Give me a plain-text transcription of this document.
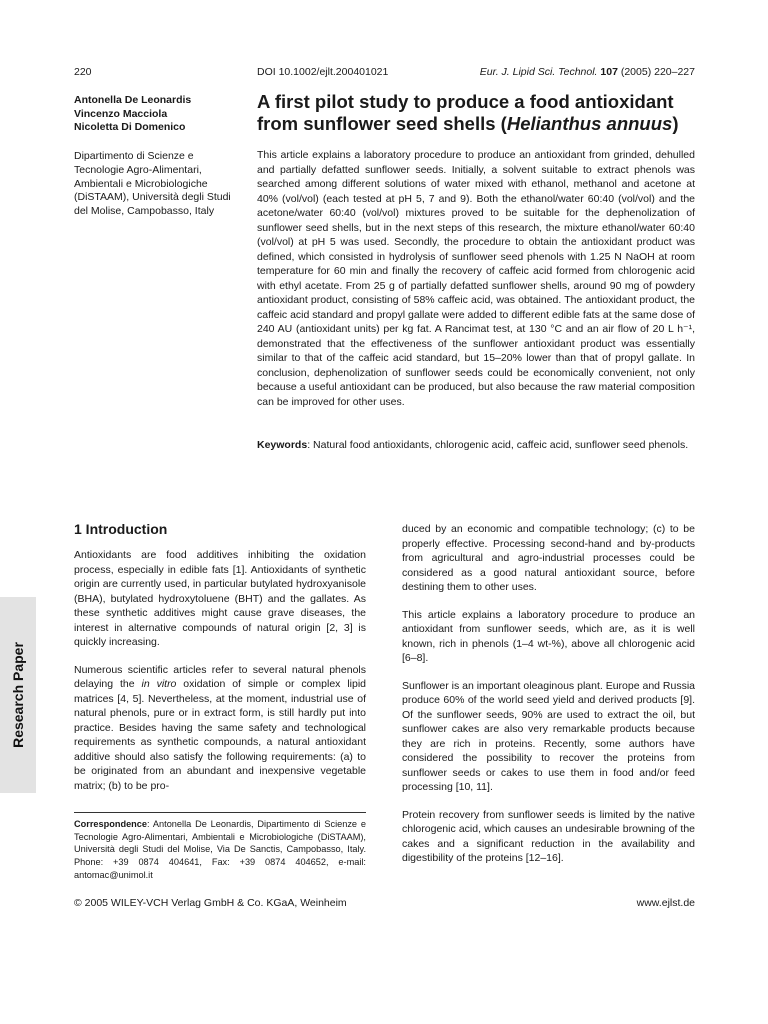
220	DOI 10.1002/ejlt.200401021	Eur. J. Lipid Sci. Technol. 107 (2005) 220–227
Antonella De Leonardis
Vincenzo Macciola
Nicoletta Di Domenico
Dipartimento di Scienze e Tecnologie Agro-Alimentari, Ambientali e Microbiologiche (DiSTAAM), Università degli Studi del Molise, Campobasso, Italy
A first pilot study to produce a food antioxidant from sunflower seed shells (Helianthus annuus)
This article explains a laboratory procedure to produce an antioxidant from grinded, dehulled and partially defatted sunflower seeds. Initially, a solvent suitable to extract phenols was searched among different solutions of water mixed with ethanol, methanol and acetone at 40% (vol/vol) (each tested at pH 5, 7 and 9). Both the ethanol/water 60:40 (vol/vol) and the acetone/water 60:40 (vol/vol) mixtures proved to be suitable for the dephenolization of sunflower seed shells, but in the next steps of this research, the mixture ethanol/water 60:40 (vol/vol) at pH 5 was used. Secondly, the procedure to obtain the antioxidant product was defined, which consisted in hydrolysis of sunflower seed phenols with 1.25 N NaOH at room temperature for 60 min and finally the recovery of caffeic acid formed from chlorogenic acid with ethyl acetate. From 25 g of partially defatted sunflower shells, around 90 mg of powdery antioxidant product, consisting of 58% caffeic acid, was obtained. The antioxidant product, the caffeic acid standard and propyl gallate were added to different edible fats at the same dose of 240 AU (antioxidant units) per kg fat. A Rancimat test, at 130 °C and an air flow of 20 L h⁻¹, demonstrated that the effectiveness of the sunflower antioxidant product was essentially similar to that of the caffeic acid standard, but 15–20% lower than that of propyl gallate. In conclusion, dephenolization of sunflower seeds could be economically convenient, not only because a useful antioxidant can be produced, but also because the raw material composition can be improved for other uses.
Keywords: Natural food antioxidants, chlorogenic acid, caffeic acid, sunflower seed phenols.
1 Introduction

Antioxidants are food additives inhibiting the oxidation process, especially in edible fats [1]. Antioxidants of synthetic origin are currently used, in particular butylated hydroxyanisole (BHA), butylated hydroxytoluene (BHT) and the gallates. As these synthetic additives might cause grave diseases, the interest in alternative compounds of natural origin [2, 3] is quickly increasing.

Numerous scientific articles refer to several natural phenols delaying the in vitro oxidation of simple or complex lipid matrices [4, 5]. Nevertheless, at the moment, industrial use of natural phenols, pure or in extract form, is still hardly put into practice. Besides having the same safety and technological requirements as synthetic compounds, a natural antioxidant additive should also satisfy the following requirements: (a) to be originated from an abundant and inexpensive vegetable matrix; (b) to be pro-

duced by an economic and compatible technology; (c) to be properly effective. Processing second-hand and by-products from agricultural and agro-industrial processes could be considered as a good natural antioxidant source, before destining them to other uses.

This article explains a laboratory procedure to produce an antioxidant from sunflower seeds, which are, as it is well known, rich in phenols (1–4 wt-%), above all chlorogenic acid [6–8].

Sunflower is an important oleaginous plant. Europe and Russia produce 60% of the world seed yield and derived products [9]. Of the sunflower seeds, 90% are used to extract the oil, but sunflower cakes are also very remarkable products because they are rich in proteins. Recently, some authors have considered the possibility to recover the proteins from sunflower seeds or cakes to use them in food and/or feed processing [10, 11].

Protein recovery from sunflower seeds is limited by the native chlorogenic acid, which causes an undesirable browning of the cakes and a significant reduction in the availability and digestibility of the proteins [12–16].

Research Paper
Correspondence: Antonella De Leonardis, Dipartimento di Scienze e Tecnologie Agro-Alimentari, Ambientali e Microbiologiche (DiSTAAM), Università degli Studi del Molise, Via De Sanctis, Campobasso, Italy. Phone: +39 0874 404641, Fax: +39 0874 404652, e-mail: antomac@unimol.it
© 2005 WILEY-VCH Verlag GmbH & Co. KGaA, Weinheim	www.ejlst.de
